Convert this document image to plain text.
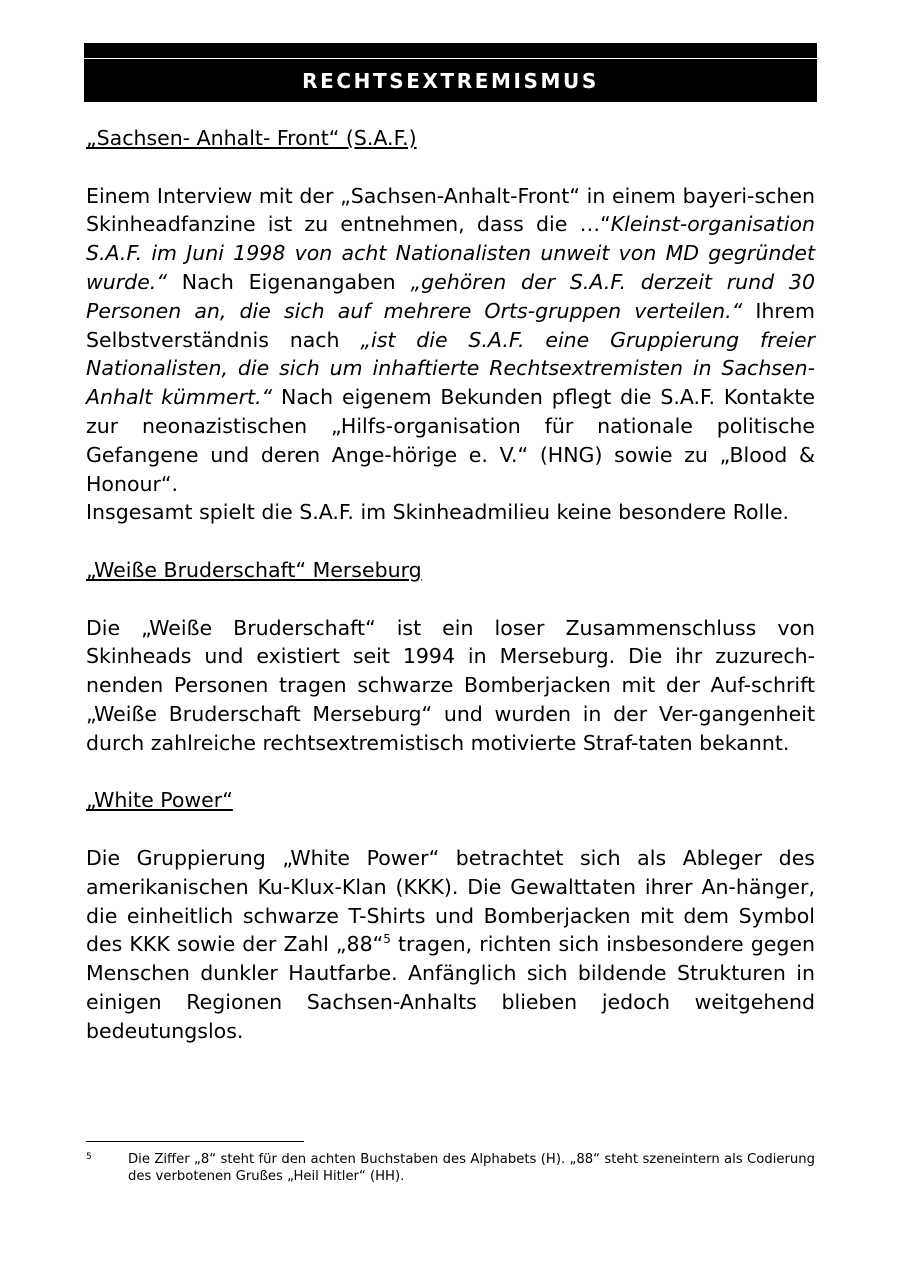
RECHTSEXTREMISMUS

„Sachsen- Anhalt- Front“ (S.A.F.)

Einem Interview mit der „Sachsen-Anhalt-Front“ in einem bayeri-schen Skinheadfanzine ist zu entnehmen, dass die …“Kleinst-organisation S.A.F. im Juni 1998 von acht Nationalisten unweit von MD gegründet wurde.“ Nach Eigenangaben „gehören der S.A.F. derzeit rund 30 Personen an, die sich auf mehrere Orts-gruppen verteilen.“ Ihrem Selbstverständnis nach „ist die S.A.F. eine Gruppierung freier Nationalisten, die sich um inhaftierte Rechtsextremisten in Sachsen-Anhalt kümmert.“ Nach eigenem Bekunden pflegt die S.A.F. Kontakte zur neonazistischen „Hilfs-organisation für nationale politische Gefangene und deren Ange-hörige e. V.“ (HNG) sowie zu „Blood & Honour“.

Insgesamt spielt die S.A.F. im Skinheadmilieu keine besondere Rolle.

„Weiße Bruderschaft“ Merseburg

Die „Weiße Bruderschaft“ ist ein loser Zusammenschluss von Skinheads und existiert seit 1994 in Merseburg. Die ihr zuzurech-nenden Personen tragen schwarze Bomberjacken mit der Auf-schrift „Weiße Bruderschaft Merseburg“ und wurden in der Ver-gangenheit durch zahlreiche rechtsextremistisch motivierte Straf-taten bekannt.

„White Power“

Die Gruppierung „White Power“ betrachtet sich als Ableger des amerikanischen Ku-Klux-Klan (KKK). Die Gewalttaten ihrer An-hänger, die einheitlich schwarze T-Shirts und Bomberjacken mit dem Symbol des KKK sowie der Zahl „88“$^5$ tragen, richten sich insbesondere gegen Menschen dunkler Hautfarbe. Anfänglich sich bildende Strukturen in einigen Regionen Sachsen-Anhalts blieben jedoch weitgehend bedeutungslos.

5	Die Ziffer „8“ steht für den achten Buchstaben des Alphabets (H). „88“ steht szeneintern als Codierung des verbotenen Grußes „Heil Hitler“ (HH).
